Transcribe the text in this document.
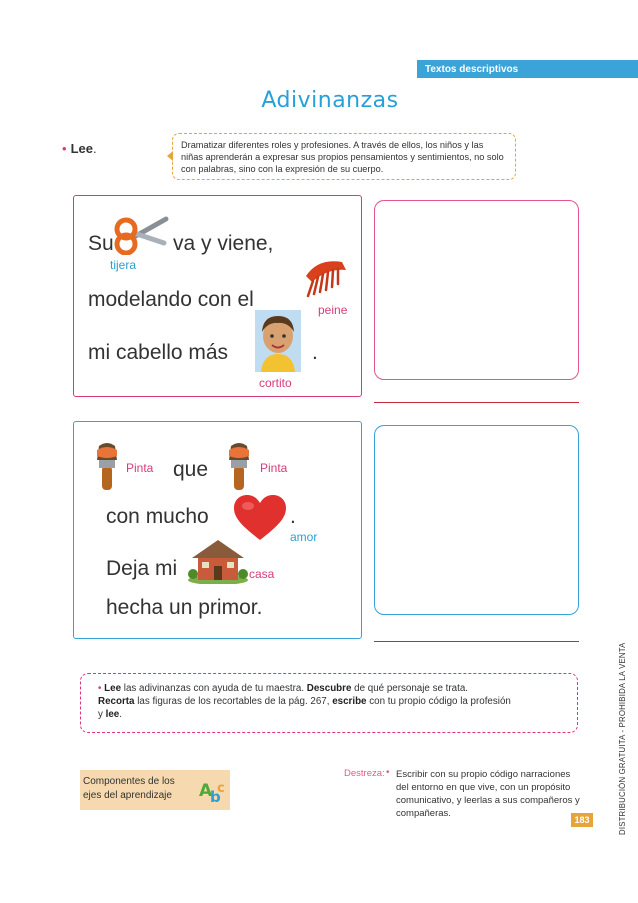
Textos descriptivos
Adivinanzas
• Lee.	Dramatizar diferentes roles y profesiones. A través de ellos, los niños y las niñas aprenderán a expresar sus propios pensamientos y sentimientos, no solo con palabras, sino con la expresión de su cuerpo.
Su	va y viene,
tijera
modelando con el	peine
mi cabello más	.
cortito
Pinta que	Pinta
con mucho	.
amor
Deja mi	casa
hecha un primor.
• Lee las adivinanzas con ayuda de tu maestra. Descubre de qué personaje se trata.
Recorta las figuras de los recortables de la pág. 267, escribe con tu propio código la profesión y lee.
Componentes de los ejes del aprendizaje	A
b
c
Destreza: • Escribir con su propio código narraciones del entorno en que vive, con un propósito comunicativo, y leerlas a sus compañeros y compañeras.
183	DISTRIBUCIÓN GRATUITA - PROHIBIDA LA VENTA
